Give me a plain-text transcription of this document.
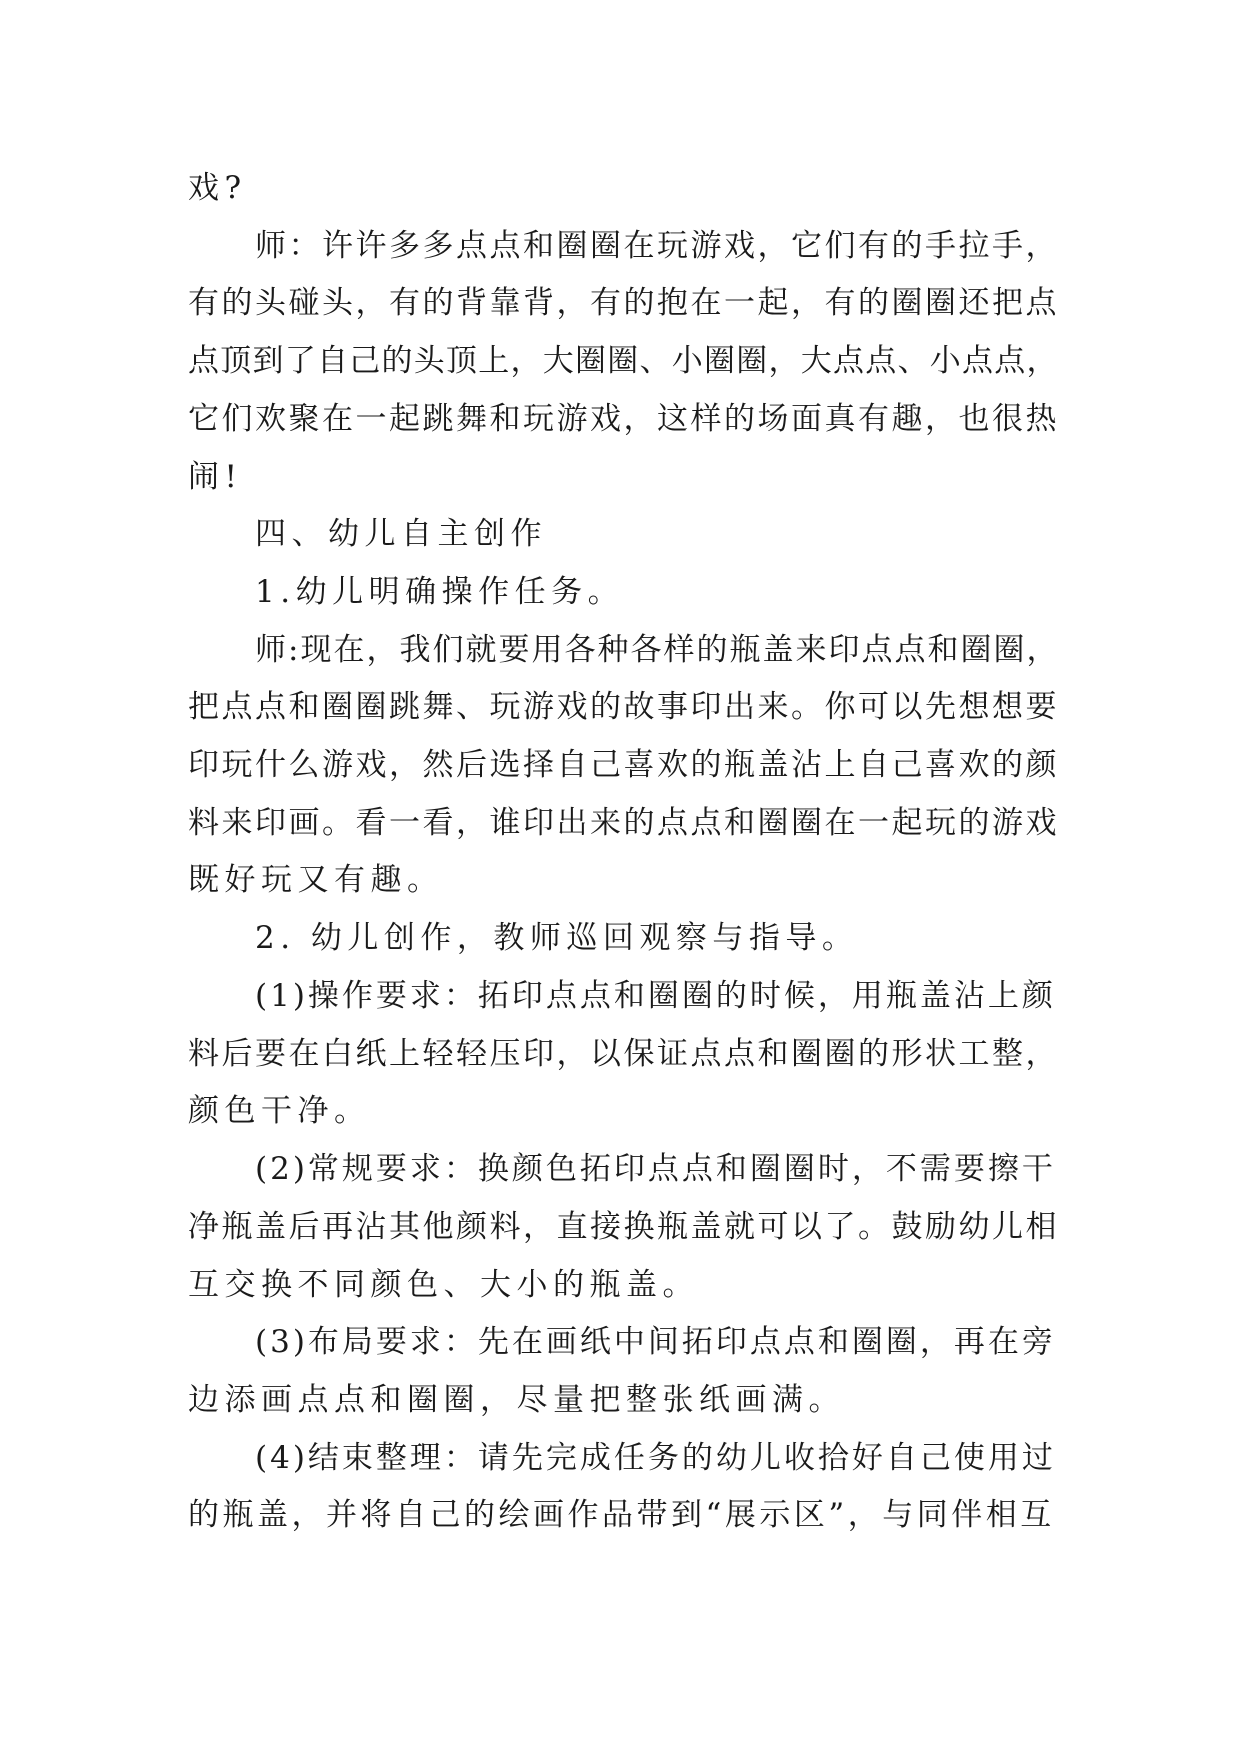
戏?

师：许许多多点点和圈圈在玩游戏，它们有的手拉手，

有的头碰头，有的背靠背，有的抱在一起，有的圈圈还把点

点顶到了自己的头顶上，大圈圈、小圈圈，大点点、小点点，

它们欢聚在一起跳舞和玩游戏，这样的场面真有趣，也很热

闹!

四、幼儿自主创作

1.幼儿明确操作任务。

师:现在，我们就要用各种各样的瓶盖来印点点和圈圈，

把点点和圈圈跳舞、玩游戏的故事印出来。你可以先想想要

印玩什么游戏，然后选择自己喜欢的瓶盖沾上自己喜欢的颜

料来印画。看一看，谁印出来的点点和圈圈在一起玩的游戏

既好玩又有趣。

2. 幼儿创作，教师巡回观察与指导。

(1)操作要求：拓印点点和圈圈的时候，用瓶盖沾上颜

料后要在白纸上轻轻压印，以保证点点和圈圈的形状工整，

颜色干净。

(2)常规要求：换颜色拓印点点和圈圈时，不需要擦干

净瓶盖后再沾其他颜料，直接换瓶盖就可以了。鼓励幼儿相

互交换不同颜色、大小的瓶盖。

(3)布局要求：先在画纸中间拓印点点和圈圈，再在旁

边添画点点和圈圈，尽量把整张纸画满。

(4)结束整理：请先完成任务的幼儿收拾好自己使用过

的瓶盖，并将自己的绘画作品带到“展示区”，与同伴相互
